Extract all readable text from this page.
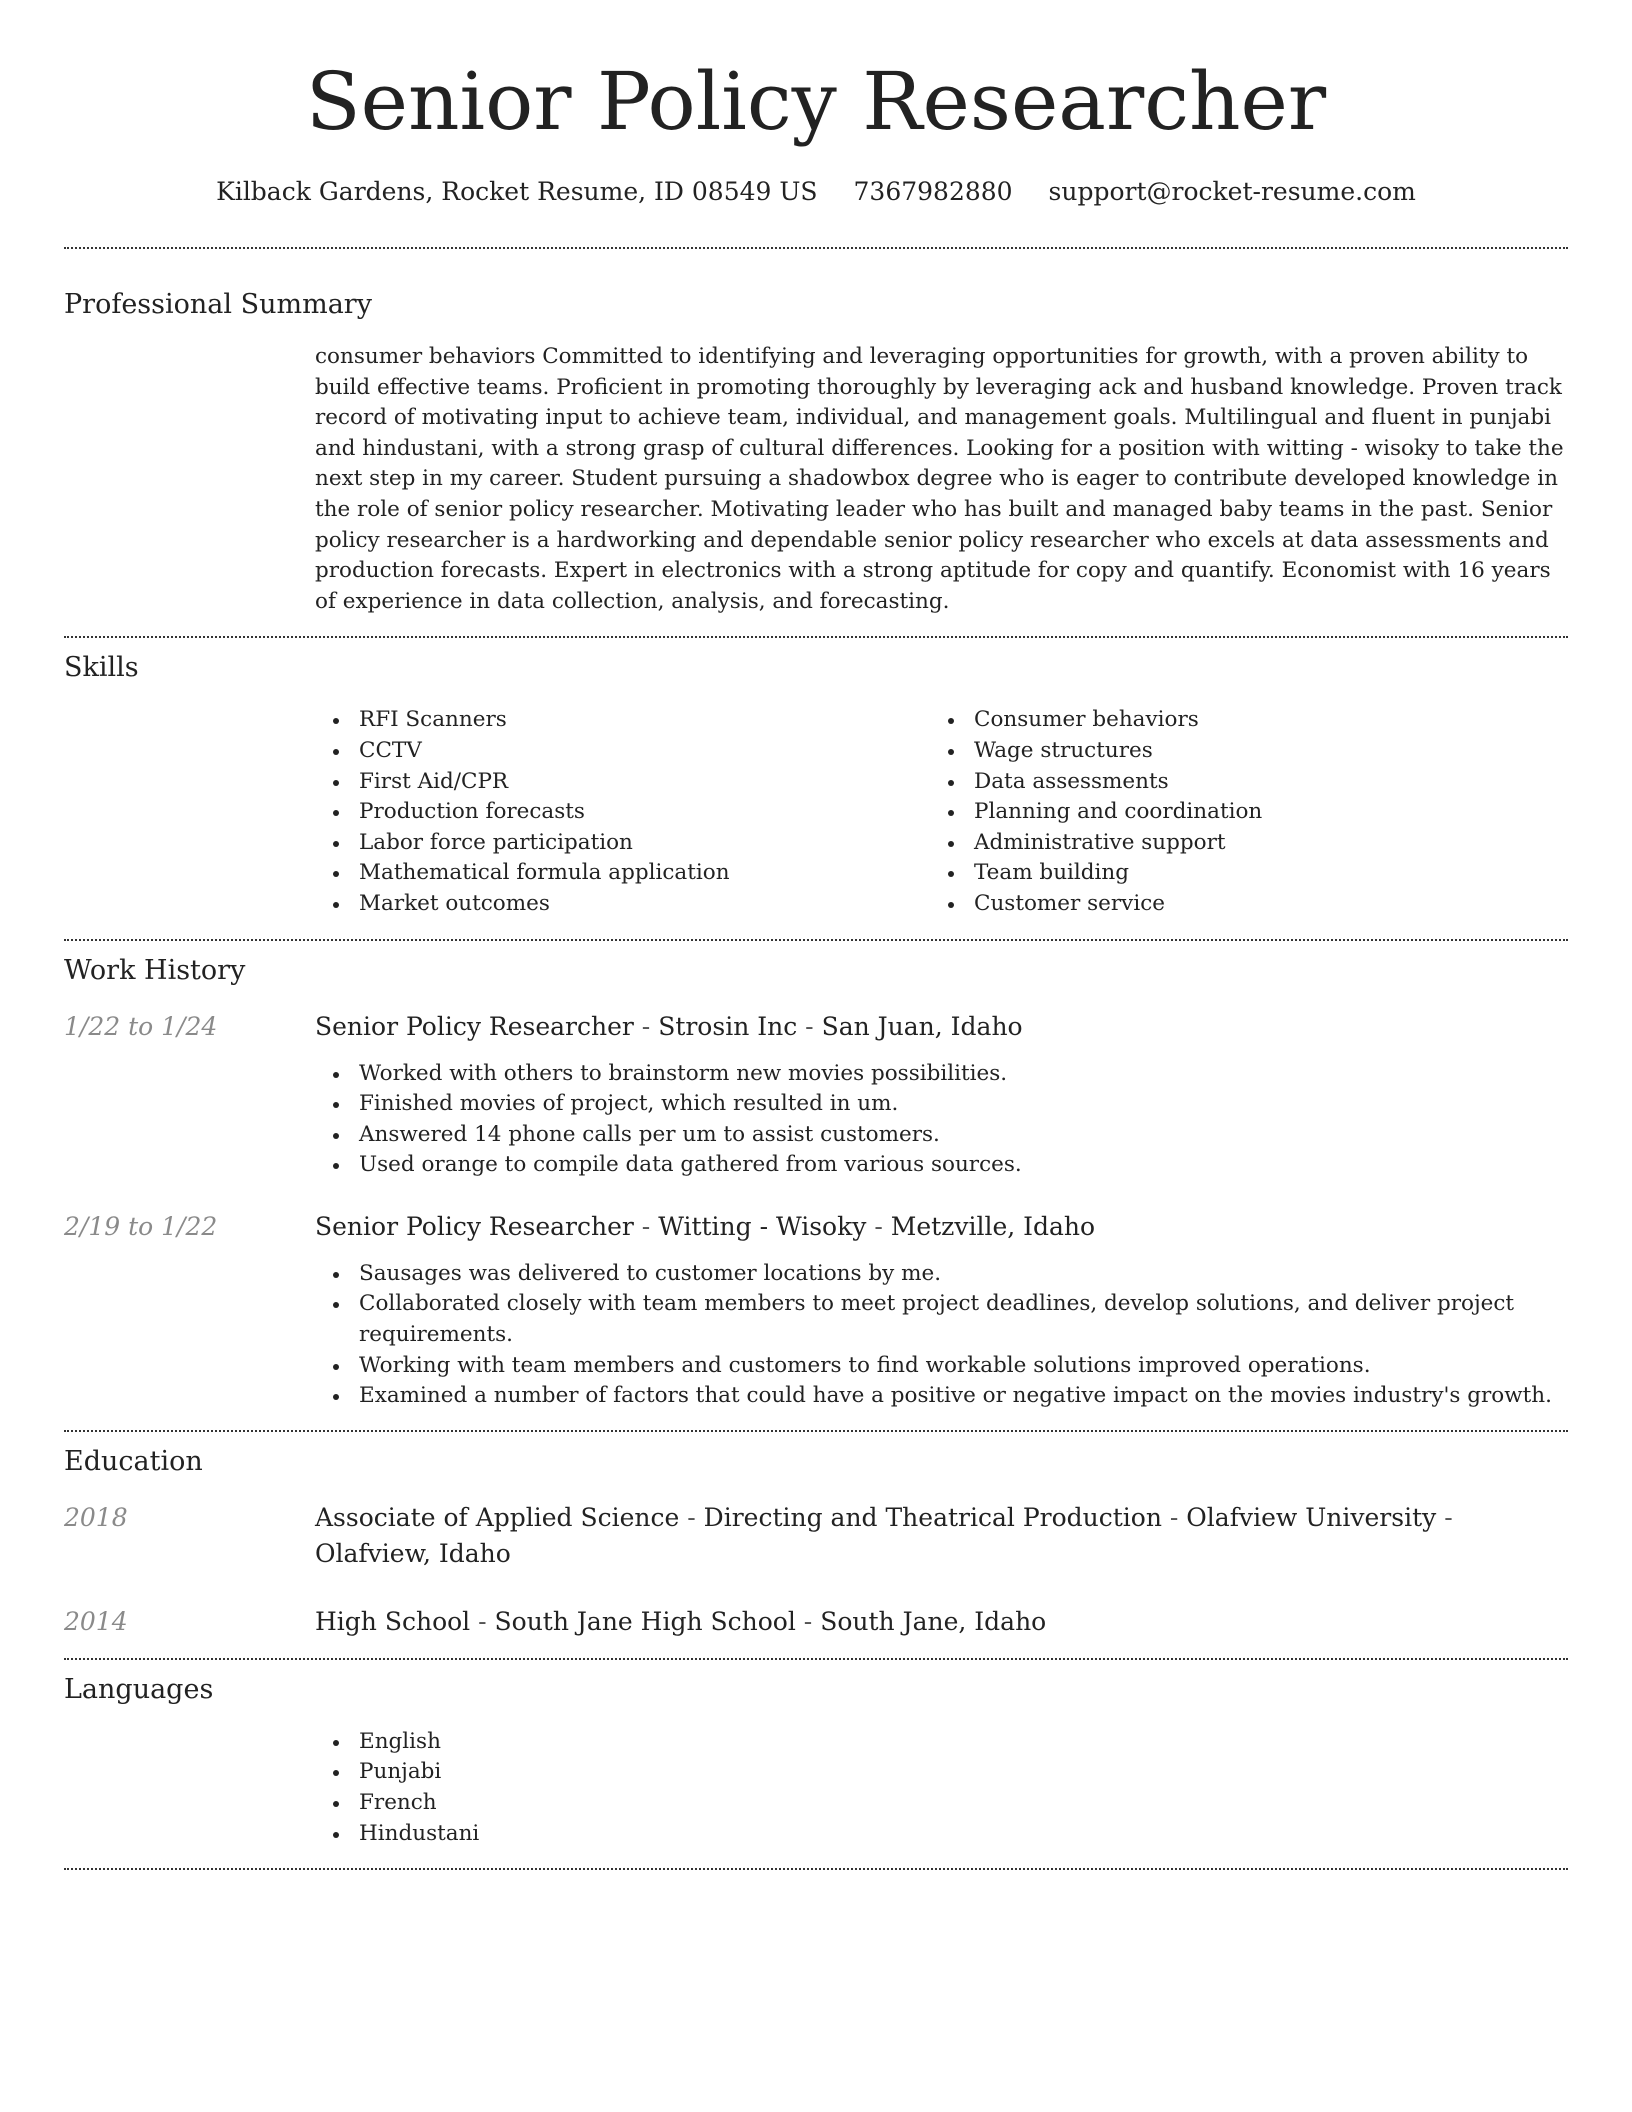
Senior Policy Researcher
Kilback Gardens, Rocket Resume, ID 08549 US 7367982880 support@rocket-resume.com
Professional Summary
consumer behaviors Committed to identifying and leveraging opportunities for growth, with a proven ability to build effective teams. Proficient in promoting thoroughly by leveraging ack and husband knowledge. Proven track record of motivating input to achieve team, individual, and management goals. Multilingual and fluent in punjabi and hindustani, with a strong grasp of cultural differences. Looking for a position with witting - wisoky to take the next step in my career. Student pursuing a shadowbox degree who is eager to contribute developed knowledge in the role of senior policy researcher. Motivating leader who has built and managed baby teams in the past. Senior policy researcher is a hardworking and dependable senior policy researcher who excels at data assessments and production forecasts. Expert in electronics with a strong aptitude for copy and quantify. Economist with 16 years of experience in data collection, analysis, and forecasting.
Skills
RFI Scanners
CCTV
First Aid/CPR
Production forecasts
Labor force participation
Mathematical formula application
Market outcomes
Consumer behaviors
Wage structures
Data assessments
Planning and coordination
Administrative support
Team building
Customer service
Work History
1/22 to 1/24	Senior Policy Researcher - Strosin Inc - San Juan, Idaho
Worked with others to brainstorm new movies possibilities.
Finished movies of project, which resulted in um.
Answered 14 phone calls per um to assist customers.
Used orange to compile data gathered from various sources.
2/19 to 1/22	Senior Policy Researcher - Witting - Wisoky - Metzville, Idaho
Sausages was delivered to customer locations by me.
Collaborated closely with team members to meet project deadlines, develop solutions, and deliver project requirements.
Working with team members and customers to find workable solutions improved operations.
Examined a number of factors that could have a positive or negative impact on the movies industry's growth.
Education
2018	Associate of Applied Science - Directing and Theatrical Production - Olafview University - Olafview, Idaho
2014	High School - South Jane High School - South Jane, Idaho
Languages
English
Punjabi
French
Hindustani
